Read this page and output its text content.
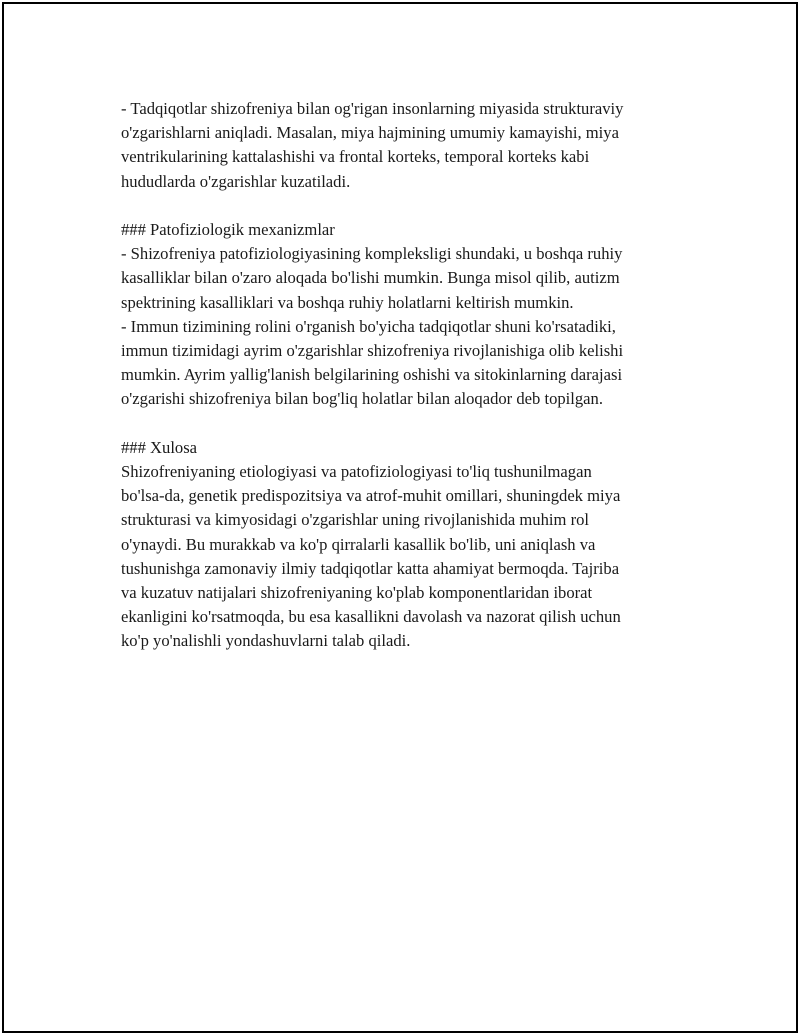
- Tadqiqotlar shizofreniya bilan og'rigan insonlarning miyasida strukturaviy
o'zgarishlarni aniqladi. Masalan, miya hajmining umumiy kamayishi, miya
ventrikularining kattalashishi va frontal korteks, temporal korteks kabi
hududlarda o'zgarishlar kuzatiladi.
### Patofiziologik mexanizmlar
- Shizofreniya patofiziologiyasining kompleksligi shundaki, u boshqa ruhiy
kasalliklar bilan o'zaro aloqada bo'lishi mumkin. Bunga misol qilib, autizm
spektrining kasalliklari va boshqa ruhiy holatlarni keltirish mumkin.
- Immun tizimining rolini o'rganish bo'yicha tadqiqotlar shuni ko'rsatadiki,
immun tizimidagi ayrim o'zgarishlar shizofreniya rivojlanishiga olib kelishi
mumkin. Ayrim yallig'lanish belgilarining oshishi va sitokinlarning darajasi
o'zgarishi shizofreniya bilan bog'liq holatlar bilan aloqador deb topilgan.
### Xulosa
Shizofreniyaning etiologiyasi va patofiziologiyasi to'liq tushunilmagan
bo'lsa-da, genetik predispozitsiya va atrof-muhit omillari, shuningdek miya
strukturasi va kimyosidagi o'zgarishlar uning rivojlanishida muhim rol
o'ynaydi. Bu murakkab va ko'p qirralarli kasallik bo'lib, uni aniqlash va
tushunishga zamonaviy ilmiy tadqiqotlar katta ahamiyat bermoqda. Tajriba
va kuzatuv natijalari shizofreniyaning ko'plab komponentlaridan iborat
ekanligini ko'rsatmoqda, bu esa kasallikni davolash va nazorat qilish uchun
ko'p yo'nalishli yondashuvlarni talab qiladi.
